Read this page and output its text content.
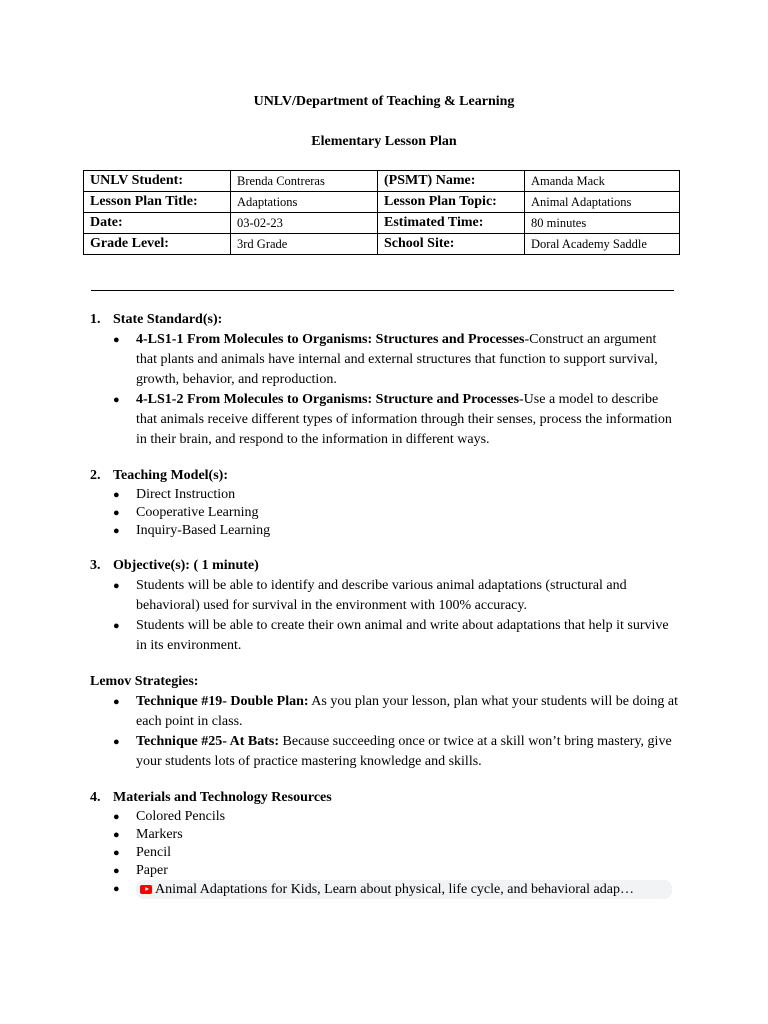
UNLV/Department of Teaching & Learning
Elementary Lesson Plan
UNLV Student:	Brenda Contreras	(PSMT) Name:	Amanda Mack
Lesson Plan Title:	Adaptations	Lesson Plan Topic:	Animal Adaptations
Date:	03-02-23	Estimated Time:	80 minutes
Grade Level:	3rd Grade	School Site:	Doral Academy Saddle

1. State Standard(s):

●	4-LS1-1 From Molecules to Organisms: Structures and Processes-Construct an argument that plants and animals have internal and external structures that function to support survival, growth, behavior, and reproduction.
●	4-LS1-2 From Molecules to Organisms: Structure and Processes-Use a model to describe that animals receive different types of information through their senses, process the information in their brain, and respond to the information in different ways.

2. Teaching Model(s):

●	Direct Instruction
●	Cooperative Learning
●	Inquiry-Based Learning

3. Objective(s): ( 1 minute)

●	Students will be able to identify and describe various animal adaptations (structural and behavioral) used for survival in the environment with 100% accuracy.
●	Students will be able to create their own animal and write about adaptations that help it survive in its environment.

Lemov Strategies:

●	Technique #19- Double Plan: As you plan your lesson, plan what your students will be doing at each point in class.
●	Technique #25- At Bats: Because succeeding once or twice at a skill won’t bring mastery, give your students lots of practice mastering knowledge and skills.

4. Materials and Technology Resources

●	Colored Pencils
●	Markers
●	Pencil
●	Paper
●	Animal Adaptations for Kids, Learn about physical, life cycle, and behavioral adap…
